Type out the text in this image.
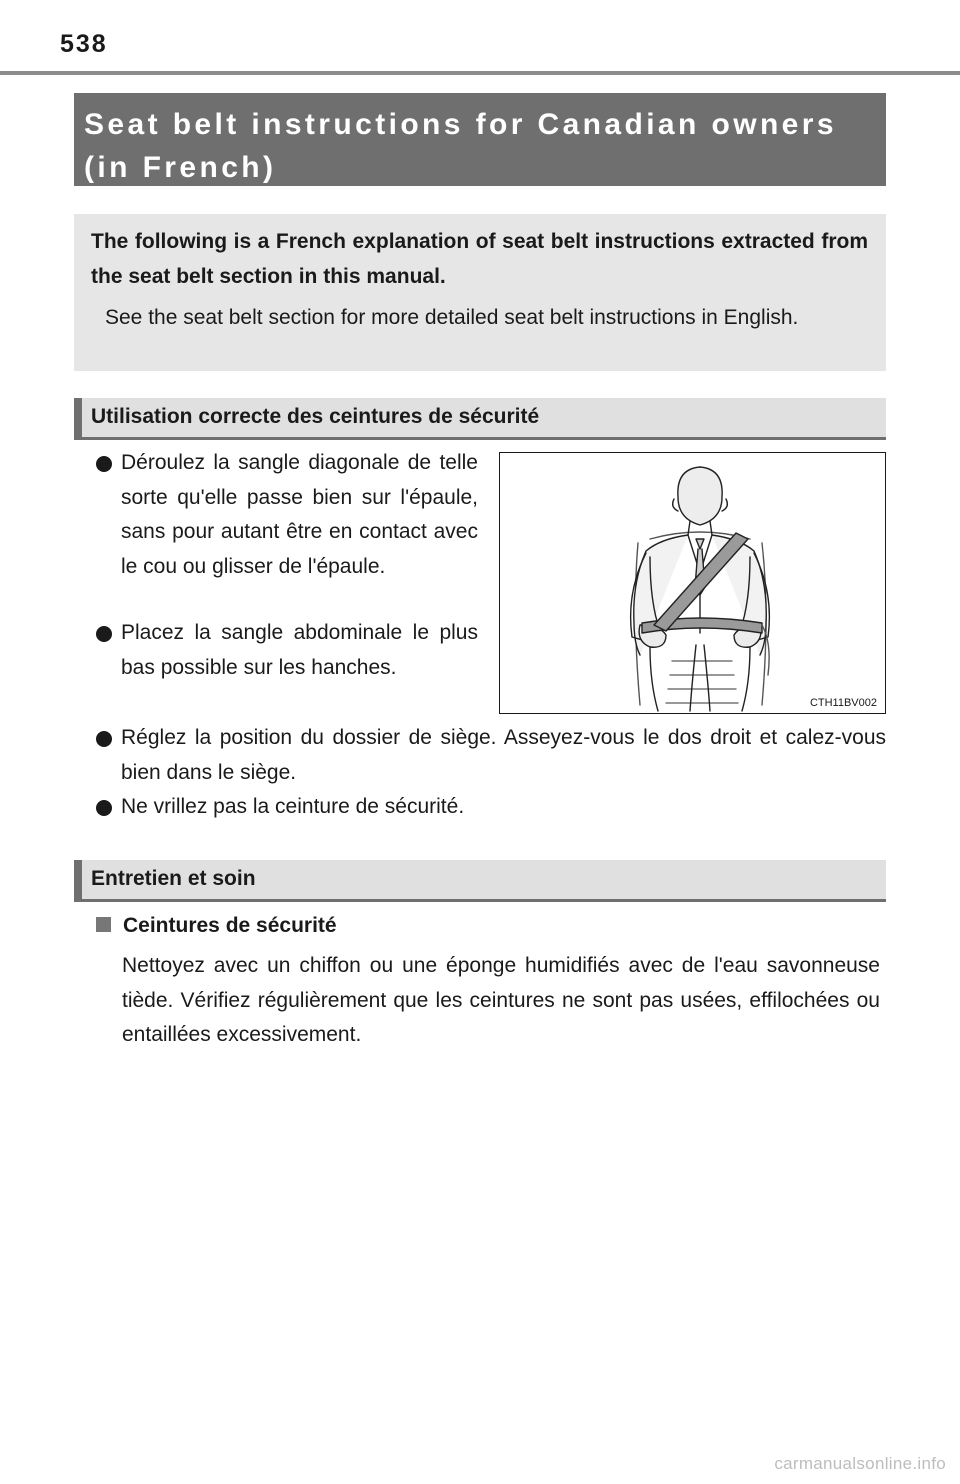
538
Seat belt instructions for Canadian owners (in French)

The following is a French explanation of seat belt instructions extracted from the seat belt section in this manual.

See the seat belt section for more detailed seat belt instructions in English.

Utilisation correcte des ceintures de sécurité
Déroulez la sangle diagonale de telle sorte qu'elle passe bien sur l'épaule, sans pour autant être en contact avec le cou ou glisser de l'épaule.
Placez la sangle abdominale le plus bas possible sur les hanches.
CTH11BV002
Réglez la position du dossier de siège. Asseyez-vous le dos droit et calez-vous bien dans le siège.
Ne vrillez pas la ceinture de sécurité.
Entretien et soin
Ceintures de sécurité

Nettoyez avec un chiffon ou une éponge humidifiés avec de l'eau savonneuse tiède. Vérifiez régulièrement que les ceintures ne sont pas usées, effilochées ou entaillées excessivement.

carmanualsonline.info
